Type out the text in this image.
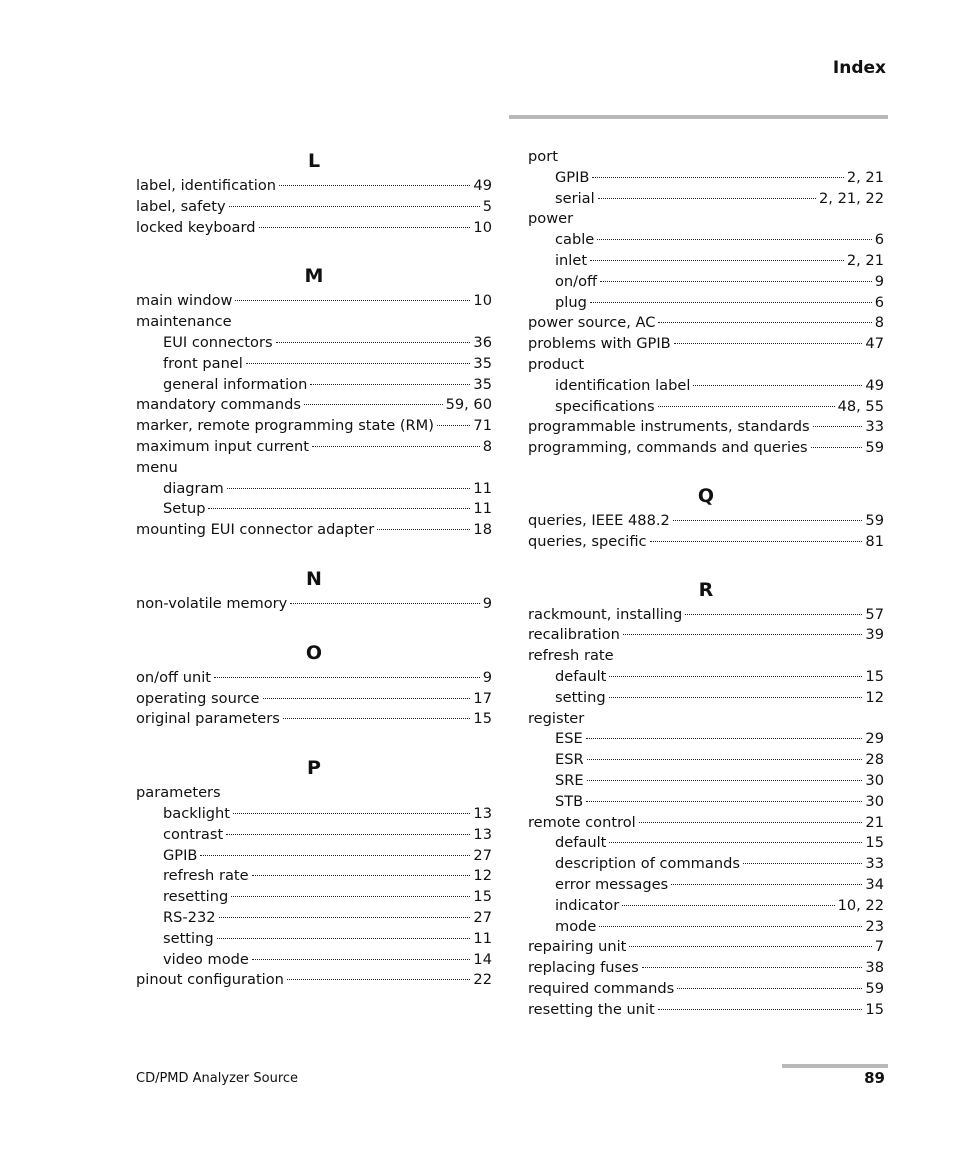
Index
L
label, identification	49
label, safety	5
locked keyboard	10
M
main window	10
maintenance
EUI connectors	36
front panel	35
general information	35
mandatory commands	59, 60
marker, remote programming state (RM)	71
maximum input current	8
menu
diagram	11
Setup	11
mounting EUI connector adapter	18
N
non-volatile memory	9
O
on/off unit	9
operating source	17
original parameters	15
P
parameters
backlight	13
contrast	13
GPIB	27
refresh rate	12
resetting	15
RS-232	27
setting	11
video mode	14
pinout configuration	22
port
GPIB	2, 21
serial	2, 21, 22
power
cable	6
inlet	2, 21
on/off	9
plug	6
power source, AC	8
problems with GPIB	47
product
identification label	49
specifications	48, 55
programmable instruments, standards	33
programming, commands and queries	59
Q
queries, IEEE 488.2	59
queries, specific	81
R
rackmount, installing	57
recalibration	39
refresh rate
default	15
setting	12
register
ESE	29
ESR	28
SRE	30
STB	30
remote control	21
default	15
description of commands	33
error messages	34
indicator	10, 22
mode	23
repairing unit	7
replacing fuses	38
required commands	59
resetting the unit	15
CD/PMD Analyzer Source	89
